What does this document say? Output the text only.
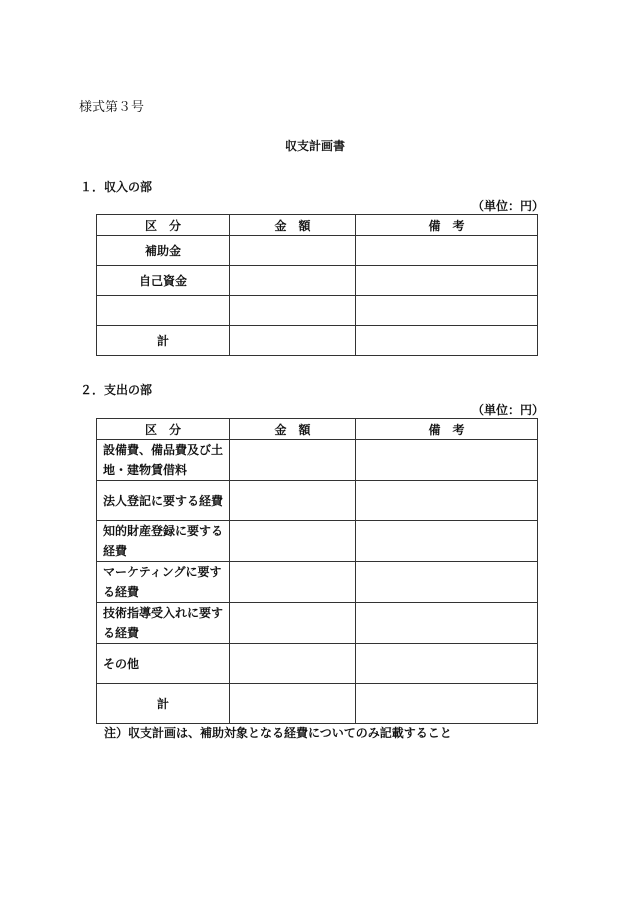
様式第３号
収支計画書
１．収入の部
（単位：円）
区　分	金　額	備　考
補助金		
自己資金		

計		
２．支出の部
（単位：円）
区　分	金　額	備　考

設備費、備品費及び土
地・建物賃借料		

法人登記に要する経費		

知的財産登録に要する
経費		

マーケティングに要す
る経費		

技術指導受入れに要す
る経費		

その他		

計		

注）収支計画は、補助対象となる経費についてのみ記載すること
